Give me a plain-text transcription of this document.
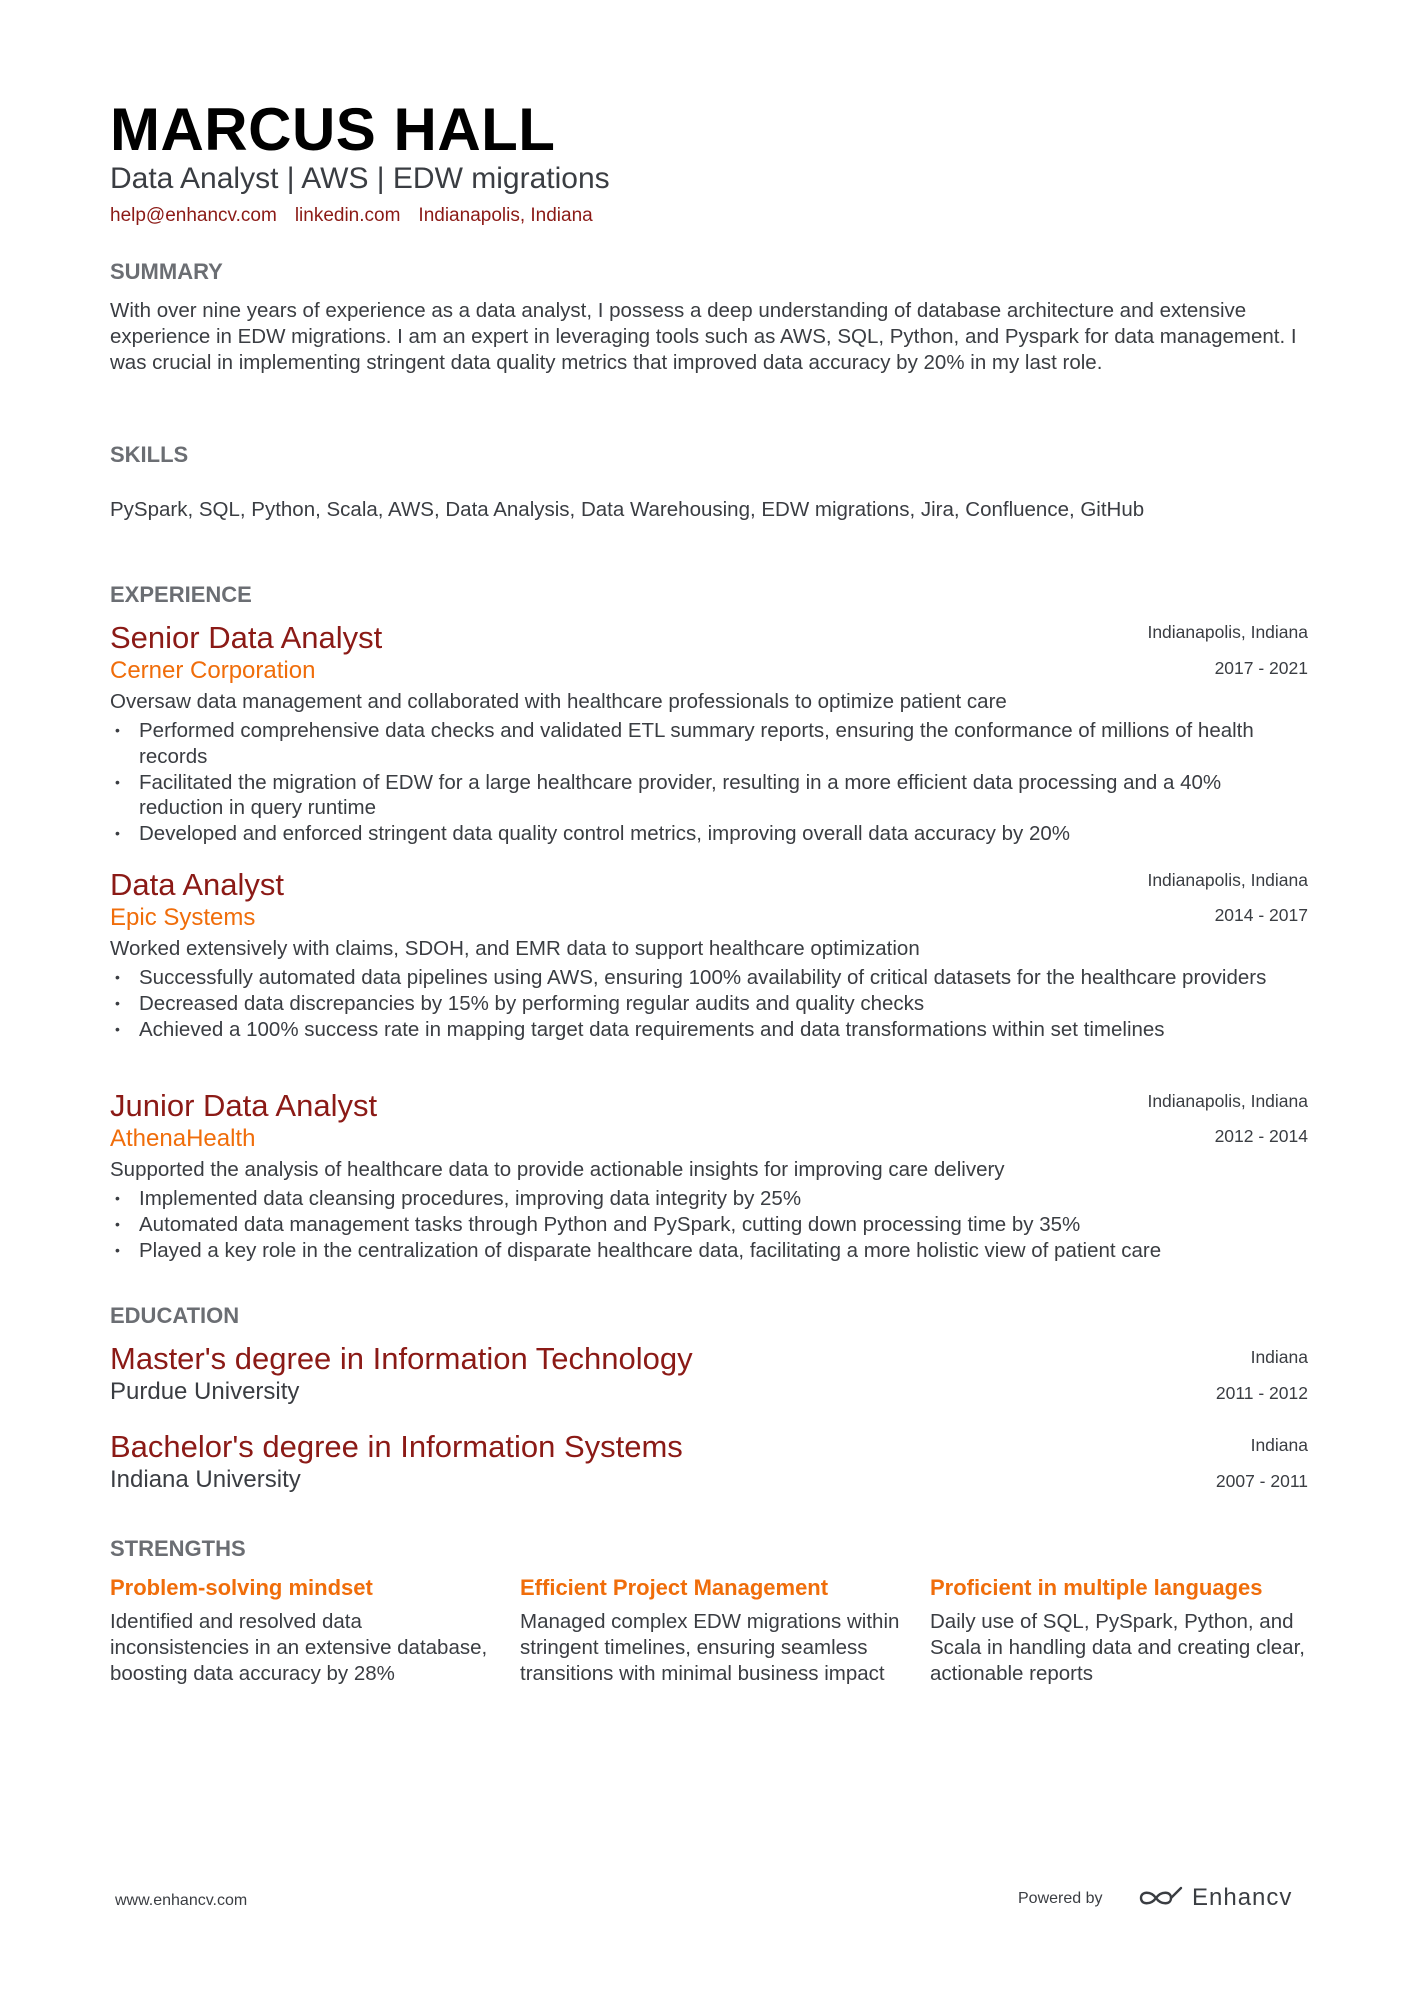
MARCUS HALL
Data Analyst | AWS | EDW migrations
help@enhancv.com linkedin.com Indianapolis, Indiana
SUMMARY
With over nine years of experience as a data analyst, I possess a deep understanding of database architecture and extensive experience in EDW migrations. I am an expert in leveraging tools such as AWS, SQL, Python, and Pyspark for data management. I was crucial in implementing stringent data quality metrics that improved data accuracy by 20% in my last role.
SKILLS
PySpark, SQL, Python, Scala, AWS, Data Analysis, Data Warehousing, EDW migrations, Jira, Confluence, GitHub
EXPERIENCE
Senior Data Analyst	Indianapolis, Indiana
Cerner Corporation	2017 - 2021
Oversaw data management and collaborated with healthcare professionals to optimize patient care
• Performed comprehensive data checks and validated ETL summary reports, ensuring the conformance of millions of health records
• Facilitated the migration of EDW for a large healthcare provider, resulting in a more efficient data processing and a 40% reduction in query runtime
• Developed and enforced stringent data quality control metrics, improving overall data accuracy by 20%
Data Analyst	Indianapolis, Indiana
Epic Systems	2014 - 2017
Worked extensively with claims, SDOH, and EMR data to support healthcare optimization
• Successfully automated data pipelines using AWS, ensuring 100% availability of critical datasets for the healthcare providers
• Decreased data discrepancies by 15% by performing regular audits and quality checks
• Achieved a 100% success rate in mapping target data requirements and data transformations within set timelines
Junior Data Analyst	Indianapolis, Indiana
AthenaHealth	2012 - 2014
Supported the analysis of healthcare data to provide actionable insights for improving care delivery
• Implemented data cleansing procedures, improving data integrity by 25%
• Automated data management tasks through Python and PySpark, cutting down processing time by 35%
• Played a key role in the centralization of disparate healthcare data, facilitating a more holistic view of patient care
EDUCATION
Master's degree in Information Technology	Indiana
Purdue University	2011 - 2012
Bachelor's degree in Information Systems	Indiana
Indiana University	2007 - 2011
STRENGTHS
Problem-solving mindset
Identified and resolved data inconsistencies in an extensive database, boosting data accuracy by 28%
Efficient Project Management
Managed complex EDW migrations within stringent timelines, ensuring seamless transitions with minimal business impact
Proficient in multiple languages
Daily use of SQL, PySpark, Python, and Scala in handling data and creating clear, actionable reports
www.enhancv.com	Powered by	Enhancv
